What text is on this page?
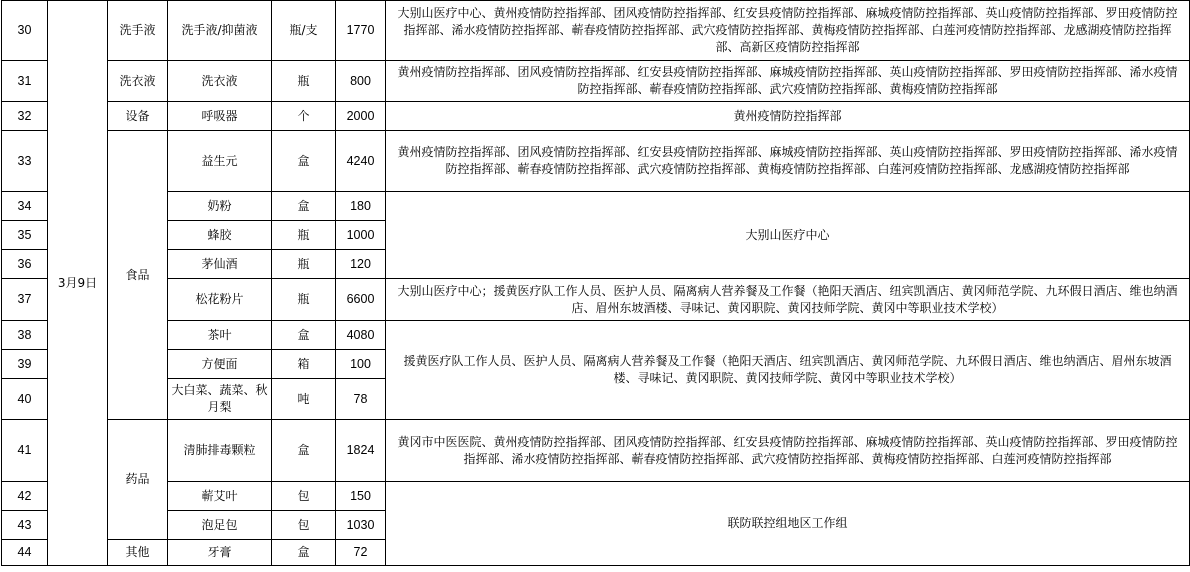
30	3月9日	洗手液	洗手液/抑菌液	瓶/支	1770	大别山医疗中心、黄州疫情防控指挥部、团风疫情防控指挥部、红安县疫情防控指挥部、麻城疫情防控指挥部、英山疫情防控指挥部、罗田疫情防控指挥部、浠水疫情防控指挥部、蕲春疫情防控指挥部、武穴疫情防控指挥部、黄梅疫情防控指挥部、白莲河疫情防控指挥部、龙感湖疫情防控指挥部、高新区疫情防控指挥部
31		洗衣液	洗衣液	瓶	800	黄州疫情防控指挥部、团风疫情防控指挥部、红安县疫情防控指挥部、麻城疫情防控指挥部、英山疫情防控指挥部、罗田疫情防控指挥部、浠水疫情防控指挥部、蕲春疫情防控指挥部、武穴疫情防控指挥部、黄梅疫情防控指挥部
32		设备	呼吸器	个	2000	黄州疫情防控指挥部
33		食品	益生元	盒	4240	黄州疫情防控指挥部、团风疫情防控指挥部、红安县疫情防控指挥部、麻城疫情防控指挥部、英山疫情防控指挥部、罗田疫情防控指挥部、浠水疫情防控指挥部、蕲春疫情防控指挥部、武穴疫情防控指挥部、黄梅疫情防控指挥部、白莲河疫情防控指挥部、龙感湖疫情防控指挥部
34			奶粉	盒	180	大别山医疗中心
35			蜂胶	瓶	1000	
36			茅仙酒	瓶	120	
37			松花粉片	瓶	6600	大别山医疗中心；援黄医疗队工作人员、医护人员、隔离病人营养餐及工作餐（艳阳天酒店、纽宾凯酒店、黄冈师范学院、九环假日酒店、维也纳酒店、眉州东坡酒楼、寻味记、黄冈职院、黄冈技师学院、黄冈中等职业技术学校）
38			茶叶	盒	4080	援黄医疗队工作人员、医护人员、隔离病人营养餐及工作餐（艳阳天酒店、纽宾凯酒店、黄冈师范学院、九环假日酒店、维也纳酒店、眉州东坡酒楼、寻味记、黄冈职院、黄冈技师学院、黄冈中等职业技术学校）
39			方便面	箱	100	
40			大白菜、蔬菜、秋月梨	吨	78	
41		药品	清肺排毒颗粒	盒	1824	黄冈市中医医院、黄州疫情防控指挥部、团风疫情防控指挥部、红安县疫情防控指挥部、麻城疫情防控指挥部、英山疫情防控指挥部、罗田疫情防控指挥部、浠水疫情防控指挥部、蕲春疫情防控指挥部、武穴疫情防控指挥部、黄梅疫情防控指挥部、白莲河疫情防控指挥部
42			蕲艾叶	包	150	联防联控组地区工作组
43			泡足包	包	1030	
44		其他	牙膏	盒	72	
